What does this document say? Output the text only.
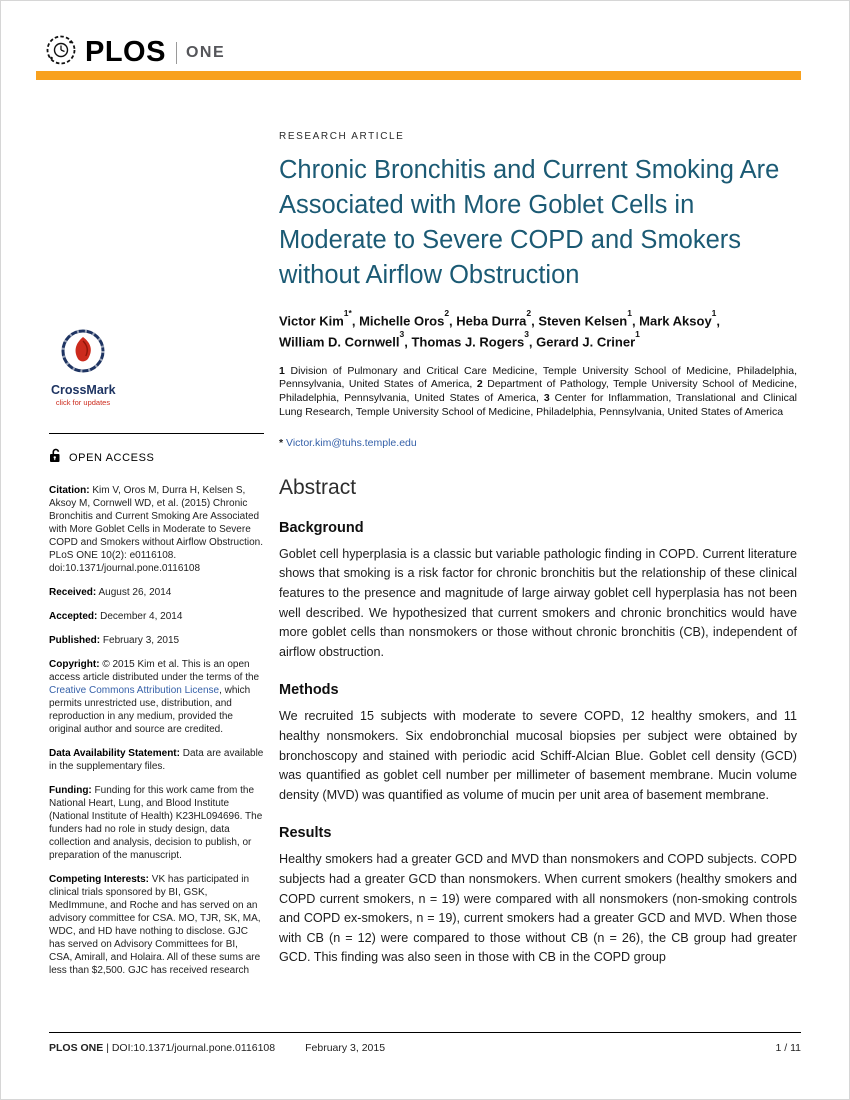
PLOS ONE
CrossMark
click for updates
OPEN ACCESS

Citation: Kim V, Oros M, Durra H, Kelsen S, Aksoy M, Cornwell WD, et al. (2015) Chronic Bronchitis and Current Smoking Are Associated with More Goblet Cells in Moderate to Severe COPD and Smokers without Airflow Obstruction. PLoS ONE 10(2): e0116108. doi:10.1371/journal.pone.0116108

Received: August 26, 2014

Accepted: December 4, 2014

Published: February 3, 2015

Copyright: © 2015 Kim et al. This is an open access article distributed under the terms of the Creative Commons Attribution License, which permits unrestricted use, distribution, and reproduction in any medium, provided the original author and source are credited.

Data Availability Statement: Data are available in the supplementary files.

Funding: Funding for this work came from the National Heart, Lung, and Blood Institute (National Institute of Health) K23HL094696. The funders had no role in study design, data collection and analysis, decision to publish, or preparation of the manuscript.

Competing Interests: VK has participated in clinical trials sponsored by BI, GSK, MedImmune, and Roche and has served on an advisory committee for CSA. MO, TJR, SK, MA, WDC, and HD have nothing to disclose. GJC has served on Advisory Committees for BI, CSA, Amirall, and Holaira. All of these sums are less than $2,500. GJC has received research

RESEARCH ARTICLE
Chronic Bronchitis and Current Smoking Are Associated with More Goblet Cells in Moderate to Severe COPD and Smokers without Airflow Obstruction

Victor Kim$^{1*}$, Michelle Oros$^2$, Heba Durra$^2$, Steven Kelsen$^1$, Mark Aksoy$^1$,
William D. Cornwell$^3$, Thomas J. Rogers$^3$, Gerard J. Criner$^1$

1 Division of Pulmonary and Critical Care Medicine, Temple University School of Medicine, Philadelphia, Pennsylvania, United States of America, 2 Department of Pathology, Temple University School of Medicine, Philadelphia, Pennsylvania, United States of America, 3 Center for Inflammation, Translational and Clinical Lung Research, Temple University School of Medicine, Philadelphia, Pennsylvania, United States of America

* Victor.kim@tuhs.temple.edu

Abstract
Background

Goblet cell hyperplasia is a classic but variable pathologic finding in COPD. Current literature shows that smoking is a risk factor for chronic bronchitis but the relationship of these clinical features to the presence and magnitude of large airway goblet cell hyperplasia has not been well described. We hypothesized that current smokers and chronic bronchitics would have more goblet cells than nonsmokers or those without chronic bronchitis (CB), independent of airflow obstruction.

Methods

We recruited 15 subjects with moderate to severe COPD, 12 healthy smokers, and 11 healthy nonsmokers. Six endobronchial mucosal biopsies per subject were obtained by bronchoscopy and stained with periodic acid Schiff-Alcian Blue. Goblet cell density (GCD) was quantified as goblet cell number per millimeter of basement membrane. Mucin volume density (MVD) was quantified as volume of mucin per unit area of basement membrane.

Results

Healthy smokers had a greater GCD and MVD than nonsmokers and COPD subjects. COPD subjects had a greater GCD than nonsmokers. When current smokers (healthy smokers and COPD current smokers, n = 19) were compared with all nonsmokers (non-smoking controls and COPD ex-smokers, n = 19), current smokers had a greater GCD and MVD. When those with CB (n = 12) were compared to those without CB (n = 26), the CB group had greater GCD. This finding was also seen in those with CB in the COPD group

PLOS ONE | DOI:10.1371/journal.pone.0116108	February 3, 2015	1 / 11
